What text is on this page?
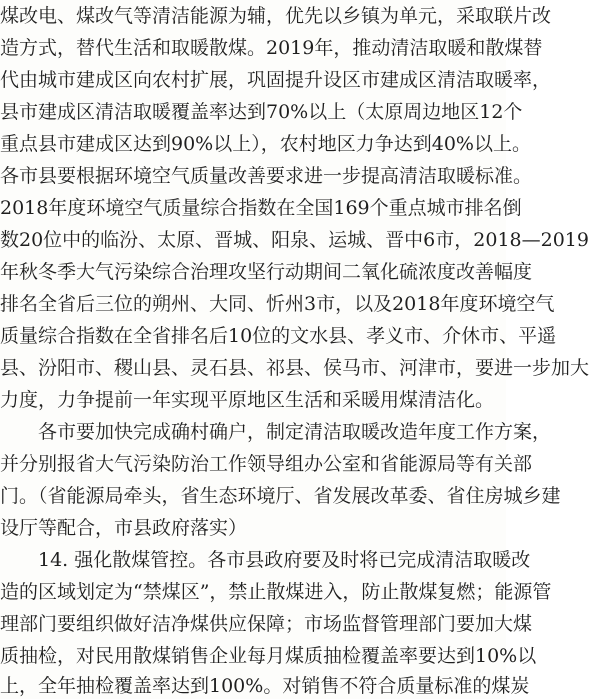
煤改电、煤改气等清洁能源为辅，优先以乡镇为单元，采取联片改
造方式，替代生活和取暖散煤。2019年，推动清洁取暖和散煤替
代由城市建成区向农村扩展，巩固提升设区市建成区清洁取暖率，
县市建成区清洁取暖覆盖率达到70%以上（太原周边地区12个
重点县市建成区达到90%以上），农村地区力争达到40%以上。
各市县要根据环境空气质量改善要求进一步提高清洁取暖标准。
2018年度环境空气质量综合指数在全国169个重点城市排名倒
数20位中的临汾、太原、晋城、阳泉、运城、晋中6市，2018—2019
年秋冬季大气污染综合治理攻坚行动期间二氧化硫浓度改善幅度
排名全省后三位的朔州、大同、忻州3市，以及2018年度环境空气
质量综合指数在全省排名后10位的文水县、孝义市、介休市、平遥
县、汾阳市、稷山县、灵石县、祁县、侯马市、河津市，要进一步加大
力度，力争提前一年实现平原地区生活和采暖用煤清洁化。
各市要加快完成确村确户，制定清洁取暖改造年度工作方案，
并分别报省大气污染防治工作领导组办公室和省能源局等有关部
门。（省能源局牵头，省生态环境厅、省发展改革委、省住房城乡建
设厅等配合，市县政府落实）
14. 强化散煤管控。各市县政府要及时将已完成清洁取暖改
造的区域划定为“禁煤区”，禁止散煤进入，防止散煤复燃；能源管
理部门要组织做好洁净煤供应保障；市场监督管理部门要加大煤
质抽检，对民用散煤销售企业每月煤质抽检覆盖率要达到10%以
上，全年抽检覆盖率达到100%。对销售不符合质量标准的煤炭
